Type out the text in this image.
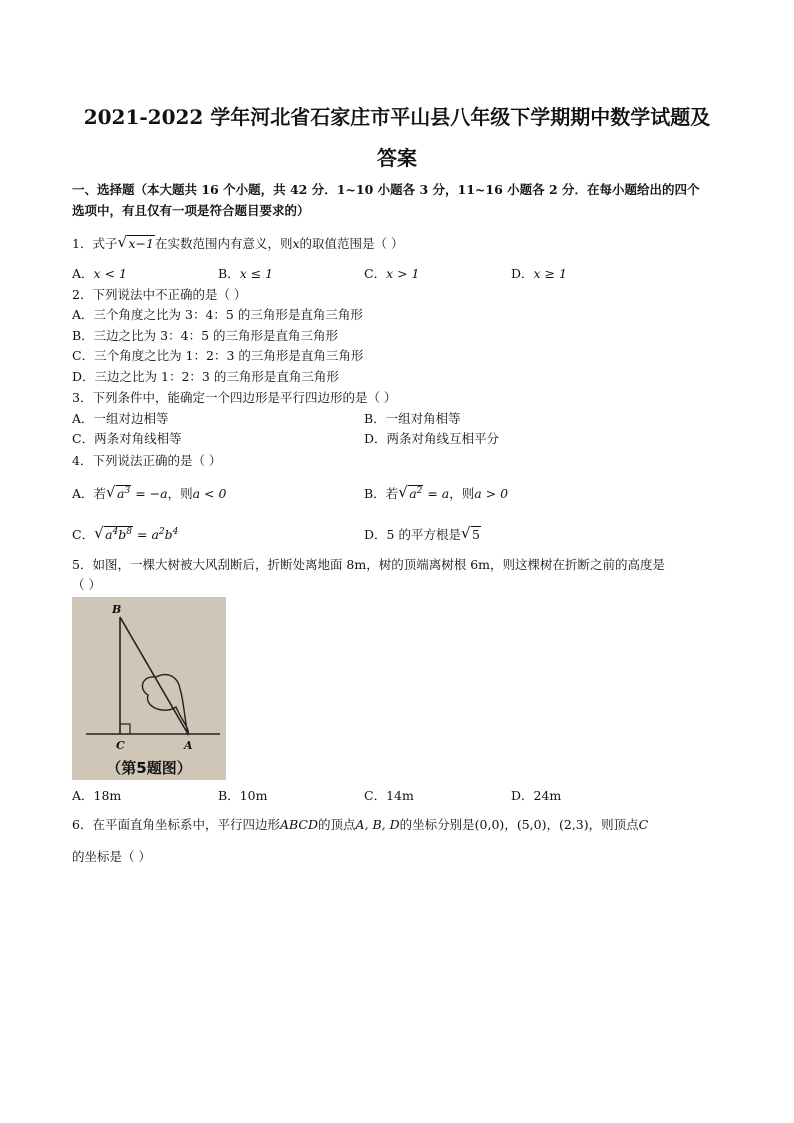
2021-2022 学年河北省石家庄市平山县八年级下学期期中数学试题及
答案
一、选择题（本大题共 16 个小题，共 42 分．1~10 小题各 3 分，11~16 小题各 2 分．在每小题给出的四个
选项中，有且仅有一项是符合题目要求的）
1．式子 √ x−1在实数范围内有意义，则x的取值范围是（ ）
A．x < 1	B．x ≤ 1	C．x > 1	D．x ≥ 1
2．下列说法中不正确的是（ ）
A．三个角度之比为 3：4：5 的三角形是直角三角形
B．三边之比为 3：4：5 的三角形是直角三角形
C．三个角度之比为 1：2：3 的三角形是直角三角形
D．三边之比为 1：2：3 的三角形是直角三角形
3．下列条件中，能确定一个四边形是平行四边形的是（ ）
A．一组对边相等	B．一组对角相等
C．两条对角线相等	D．两条对角线互相平分
4．下列说法正确的是（ ）
A．若 √ $a^3 = -a$，则a < 0	B．若 √ $a^2 = a$，则a > 0
C． √ $a^4b^8 = a^2b^4$	D．5 的平方根是 √ 5
5．如图，一棵大树被大风刮断后，折断处离地面 8m，树的顶端离树根 6m，则这棵树在折断之前的高度是
（ ）
B
C	A
（第5题图）
A．18m	B．10m	C．14m	D．24m
6．在平面直角坐标系中，平行四边形ABCD的顶点A, B, D的坐标分别是(0,0)，(5,0)，(2,3)，则顶点C
的坐标是（ ）
